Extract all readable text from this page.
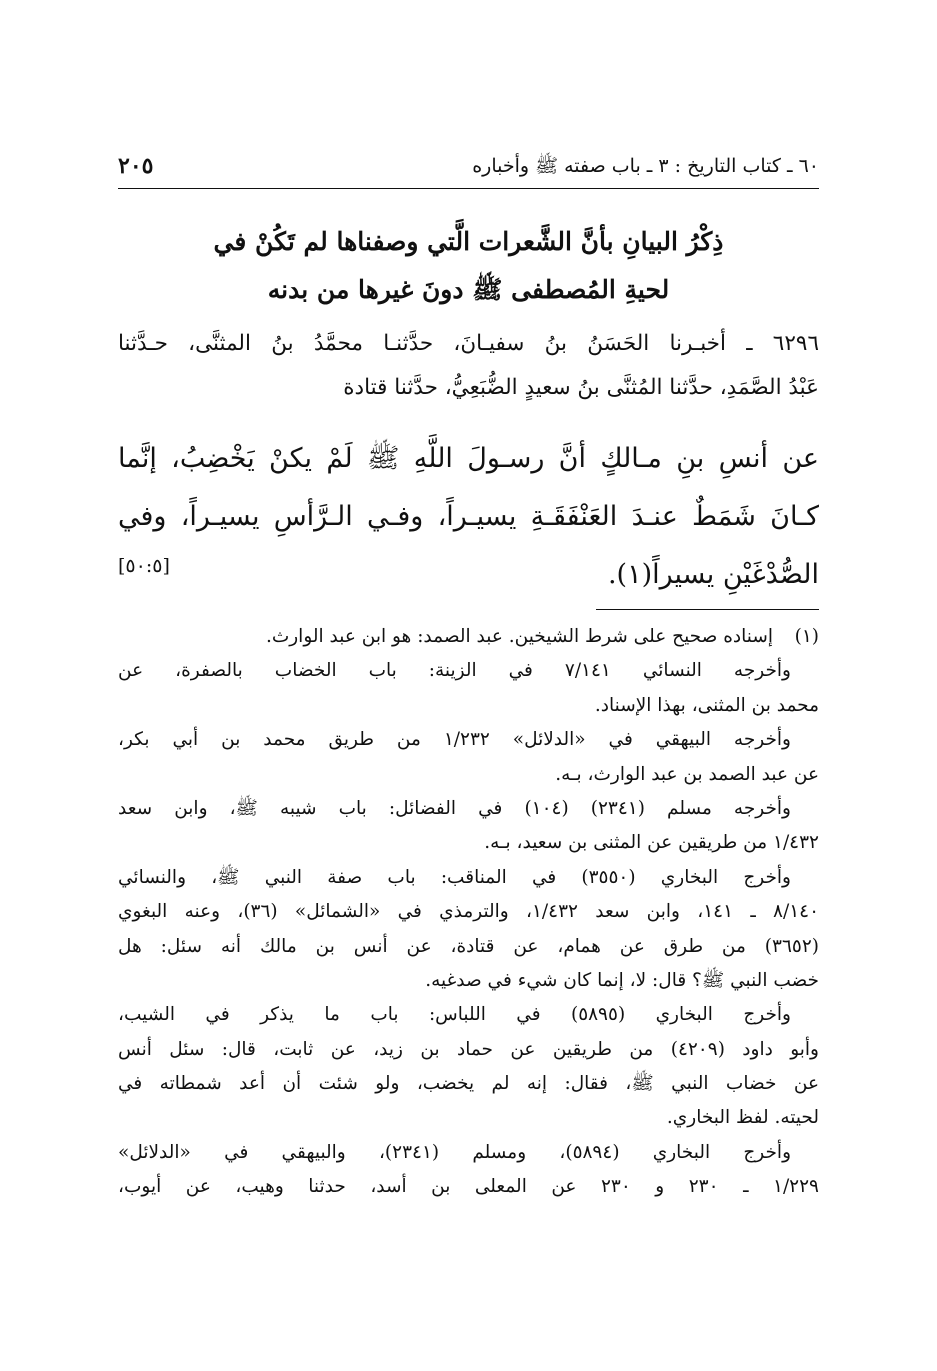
٦٠ ـ كتاب التاريخ : ٣ ـ باب صفته ﷺ وأخباره
٢٠٥
ذِكْرُ البيانِ بأنَّ الشَّعرات الَّتي وصفناها لم تَكُنْ في
لحيةِ المُصطفى ﷺ دونَ غيرها من بدنه
٦٢٩٦ ـ أخبـرنا الحَسَنُ بنُ سفيـانَ، حدَّثنـا محمَّدُ بنُ المثنَّى، حـدَّثنا
عَبْدُ الصَّمَدِ، حدَّثنا المُثنَّى بنُ سعيدٍ الضُّبَعِيُّ، حدَّثنا قتادة
عن أنسِ بنِ مـالكٍ أنَّ رسـولَ اللَّهِ ﷺ لَمْ يكنْ يَخْضِبُ، إنَّما
كـانَ شَمَطٌ عنـدَ العَنْفَقَـةِ يسيـراً، وفـي الـرَّأسِ يسيـراً، وفي
الصُّدْغَيْنِ يسيراً(١).
[٥٠:٥]
(١)إسناده صحيح على شرط الشيخين. عبد الصمد: هو ابن عبد الوارث.
وأخرجه النسائي ٧/١٤١ في الزينة: باب الخضاب بالصفرة، عن
محمد بن المثنى، بهذا الإسناد.
وأخرجه البيهقي في «الدلائل» ١/٢٣٢ من طريق محمد بن أبي بكر،
عن عبد الصمد بن عبد الوارث، بـه.
وأخرجه مسلم (٢٣٤١) (١٠٤) في الفضائل: باب شيبه ﷺ، وابن سعد
١/٤٣٢ من طريقين عن المثنى بن سعيد، بـه.
وأخرج البخاري (٣٥٥٠) في المناقب: باب صفة النبي ﷺ، والنسائي
٨/١٤٠ ـ ١٤١، وابن سعد ١/٤٣٢، والترمذي في «الشمائل» (٣٦)، وعنه البغوي
(٣٦٥٢) من طرق عن همام، عن قتادة، عن أنس بن مالك أنه سئل: هل
خضب النبي ﷺ؟ قال: لا، إنما كان شيء في صدغيه.
وأخرج البخاري (٥٨٩٥) في اللباس: باب ما يذكر في الشيب،
وأبو داود (٤٢٠٩) من طريقين عن حماد بن زيد، عن ثابت، قال: سئل أنس
عن خضاب النبي ﷺ، فقال: إنه لم يخضب، ولو شئت أن أعد شمطاته في
لحيته. لفظ البخاري.
وأخرج البخاري (٥٨٩٤)، ومسلم (٢٣٤١)، والبيهقي في «الدلائل»
١/٢٢٩ ـ ٢٣٠ و ٢٣٠ عن المعلى بن أسد، حدثنا وهيب، عن أيوب،
